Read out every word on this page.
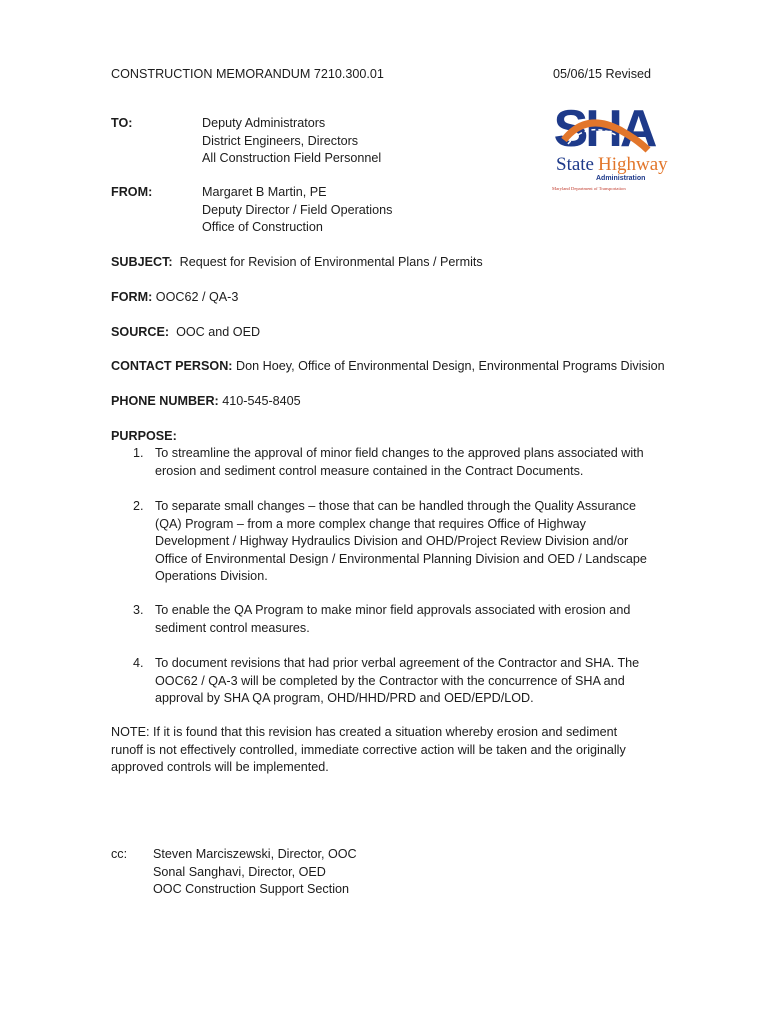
CONSTRUCTION MEMORANDUM 7210.300.01	05/06/15 Revised
SHA
State Highway
Administration
Maryland Department of Transportation
TO:	Deputy Administrators
District Engineers, Directors
All Construction Field Personnel
FROM:	Margaret B Martin, PE
Deputy Director / Field Operations
Office of Construction
SUBJECT: Request for Revision of Environmental Plans / Permits
FORM: OOC62 / QA-3
SOURCE: OOC and OED
CONTACT PERSON: Don Hoey, Office of Environmental Design, Environmental Programs Division
PHONE NUMBER: 410-545-8405
PURPOSE:
1. To streamline the approval of minor field changes to the approved plans associated with
erosion and sediment control measure contained in the Contract Documents.
2. To separate small changes – those that can be handled through the Quality Assurance
(QA) Program – from a more complex change that requires Office of Highway
Development / Highway Hydraulics Division and OHD/Project Review Division and/or
Office of Environmental Design / Environmental Planning Division and OED / Landscape
Operations Division.
3. To enable the QA Program to make minor field approvals associated with erosion and
sediment control measures.
4. To document revisions that had prior verbal agreement of the Contractor and SHA. The
OOC62 / QA-3 will be completed by the Contractor with the concurrence of SHA and
approval by SHA QA program, OHD/HHD/PRD and OED/EPD/LOD.
NOTE: If it is found that this revision has created a situation whereby erosion and sediment
runoff is not effectively controlled, immediate corrective action will be taken and the originally
approved controls will be implemented.
cc: Steven Marciszewski, Director, OOC
Sonal Sanghavi, Director, OED
OOC Construction Support Section
